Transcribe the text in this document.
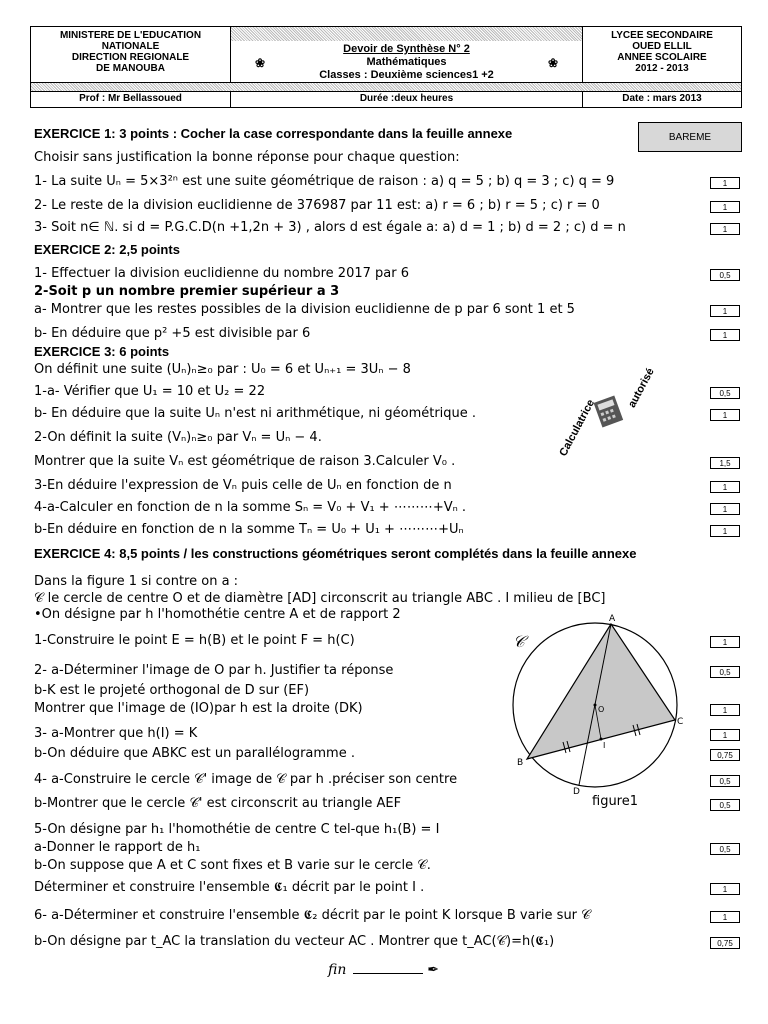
MINISTERE DE L'EDUCATION
NATIONALE
DIRECTION REGIONALE
DE MANOUBA
Devoir de Synthèse N° 2
Mathématiques
Classes : Deuxième sciences1 +2
❀	❀
LYCEE SECONDAIRE
OUED ELLIL
ANNEE SCOLAIRE
2012 - 2013
Prof : Mr Bellassoued	Durée :deux heures	Date : mars 2013
BAREME
EXERCICE 1: 3 points : Cocher la case correspondante dans la feuille annexe
Choisir sans justification la bonne réponse pour chaque question:
1- La suite Uₙ = 5×3²ⁿ est une suite géométrique de raison : a) q = 5 ; b) q = 3 ; c) q = 9	1
2- Le reste de la division euclidienne de 376987 par 11 est: a) r = 6 ; b) r = 5 ; c) r = 0	1
3- Soit n∈ ℕ. si d = P.G.C.D(n +1,2n + 3) , alors d est égale a: a) d = 1 ; b) d = 2 ; c) d = n	1
EXERCICE 2: 2,5 points
1- Effectuer la division euclidienne du nombre 2017 par 6	0,5
2-Soit p un nombre premier supérieur a 3
a- Montrer que les restes possibles de la division euclidienne de p par 6 sont 1 et 5	1
b- En déduire que p² +5 est divisible par 6	1
EXERCICE 3: 6 points
On définit une suite (Uₙ)ₙ≥₀ par : U₀ = 6 et Uₙ₊₁ = 3Uₙ − 8
1-a- Vérifier que U₁ = 10 et U₂ = 22	0,5
b- En déduire que la suite Uₙ n'est ni arithmétique, ni géométrique .	1
2-On définit la suite (Vₙ)ₙ≥₀ par Vₙ = Uₙ − 4.
Montrer que la suite Vₙ est géométrique de raison 3.Calculer V₀ .	1,5
3-En déduire l'expression de Vₙ puis celle de Uₙ en fonction de n	1
4-a-Calculer en fonction de n la somme Sₙ = V₀ + V₁ + ⋯⋯⋯+Vₙ .	1
b-En déduire en fonction de n la somme Tₙ = U₀ + U₁ + ⋯⋯⋯+Uₙ	1
EXERCICE 4: 8,5 points / les constructions géométriques seront complétés dans la feuille annexe
Dans la figure 1 si contre on a :
𝒞 le cercle de centre O et de diamètre [AD] circonscrit au triangle ABC . I milieu de [BC]
•On désigne par h l'homothétie centre A et de rapport 2
1-Construire le point E = h(B) et le point F = h(C)	1
2- a-Déterminer l'image de O par h. Justifier ta réponse	0,5
b-K est le projeté orthogonal de D sur (EF)
Montrer que l'image de (IO)par h est la droite (DK)	1
3- a-Montrer que h(I) = K	1
b-On déduire que ABKC est un parallélogramme .	0,75
4- a-Construire le cercle 𝒞' image de 𝒞 par h .préciser son centre	0,5
b-Montrer que le cercle 𝒞' est circonscrit au triangle AEF	0,5
5-On désigne par h₁ l'homothétie de centre C tel-que h₁(B) = I
a-Donner le rapport de h₁	0,5
b-On suppose que A et C sont fixes et B varie sur le cercle 𝒞.
Déterminer et construire l'ensemble 𝕮₁ décrit par le point I .	1
6- a-Déterminer et construire l'ensemble 𝕮₂ décrit par le point K lorsque B varie sur 𝒞	1
b-On désigne par t_AC la translation du vecteur AC . Montrer que t_AC(𝒞)=h(𝕮₁)	0,75
Calculatrice
autorisé
A
B
C
D
O
I
𝒞
figure1
fin	✒
